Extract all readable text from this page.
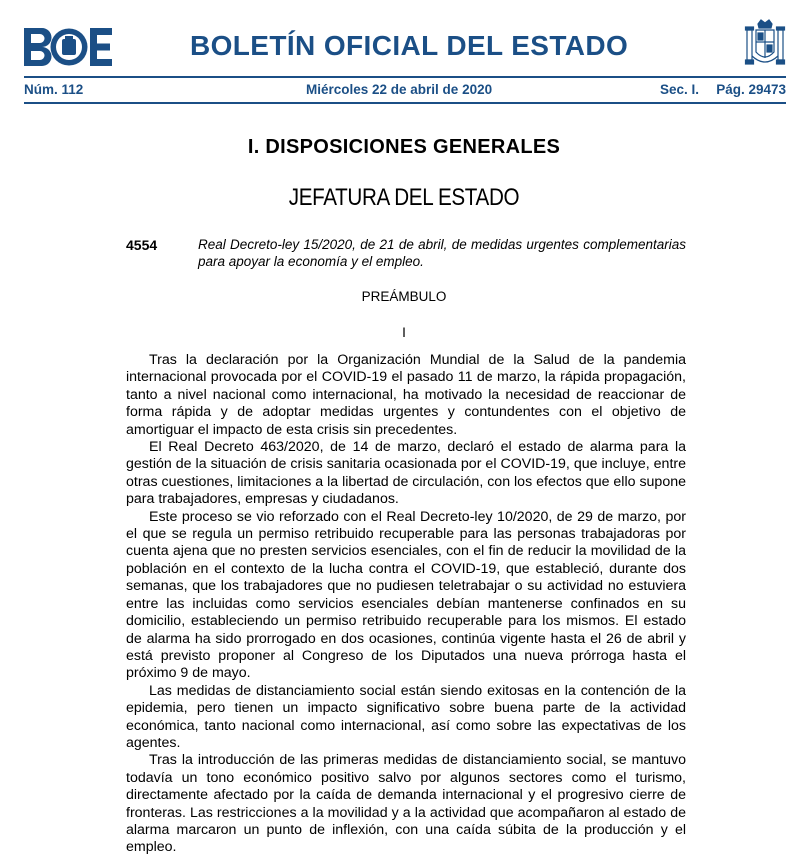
BOLETÍN OFICIAL DEL ESTADO
Núm. 112	Miércoles 22 de abril de 2020	Sec. I. Pág. 29473
I. DISPOSICIONES GENERALES
JEFATURA DEL ESTADO
4554	Real Decreto-ley 15/2020, de 21 de abril, de medidas urgentes complementarias para apoyar la economía y el empleo.

PREÁMBULO
I

Tras la declaración por la Organización Mundial de la Salud de la pandemia internacional provocada por el COVID-19 el pasado 11 de marzo, la rápida propagación, tanto a nivel nacional como internacional, ha motivado la necesidad de reaccionar de forma rápida y de adoptar medidas urgentes y contundentes con el objetivo de amortiguar el impacto de esta crisis sin precedentes.

El Real Decreto 463/2020, de 14 de marzo, declaró el estado de alarma para la gestión de la situación de crisis sanitaria ocasionada por el COVID-19, que incluye, entre otras cuestiones, limitaciones a la libertad de circulación, con los efectos que ello supone para trabajadores, empresas y ciudadanos.

Este proceso se vio reforzado con el Real Decreto-ley 10/2020, de 29 de marzo, por el que se regula un permiso retribuido recuperable para las personas trabajadoras por cuenta ajena que no presten servicios esenciales, con el fin de reducir la movilidad de la población en el contexto de la lucha contra el COVID-19, que estableció, durante dos semanas, que los trabajadores que no pudiesen teletrabajar o su actividad no estuviera entre las incluidas como servicios esenciales debían mantenerse confinados en su domicilio, estableciendo un permiso retribuido recuperable para los mismos. El estado de alarma ha sido prorrogado en dos ocasiones, continúa vigente hasta el 26 de abril y está previsto proponer al Congreso de los Diputados una nueva prórroga hasta el próximo 9 de mayo.

Las medidas de distanciamiento social están siendo exitosas en la contención de la epidemia, pero tienen un impacto significativo sobre buena parte de la actividad económica, tanto nacional como internacional, así como sobre las expectativas de los agentes.

Tras la introducción de las primeras medidas de distanciamiento social, se mantuvo todavía un tono económico positivo salvo por algunos sectores como el turismo, directamente afectado por la caída de demanda internacional y el progresivo cierre de fronteras. Las restricciones a la movilidad y a la actividad que acompañaron al estado de alarma marcaron un punto de inflexión, con una caída súbita de la producción y el empleo.
